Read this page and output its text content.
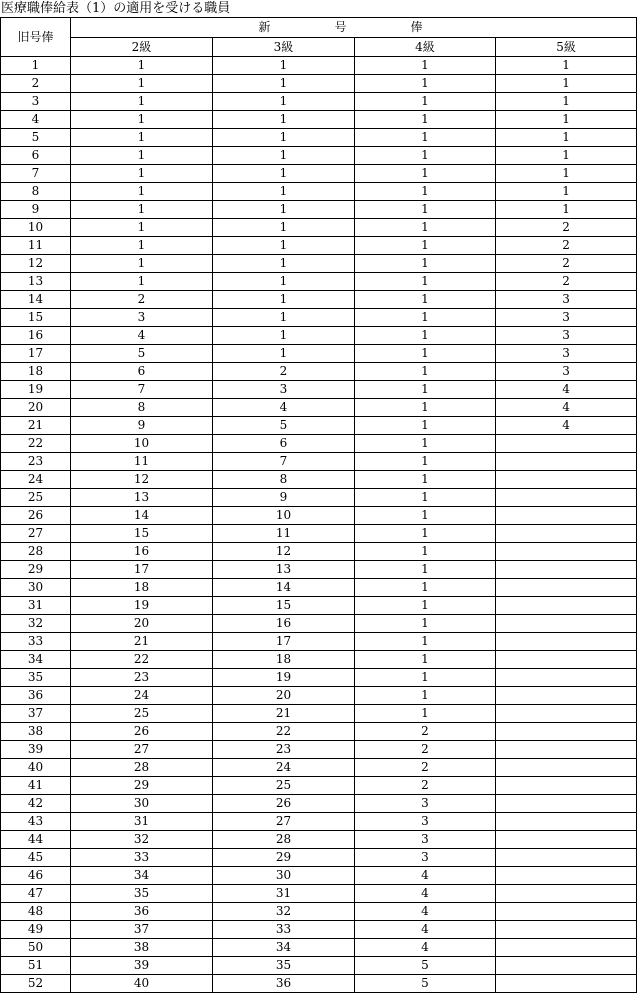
医療職俸給表（1）の適用を受ける職員
旧号俸	新　号　俸			
	2級	3級	4級	5級
1	1	1	1	1
2	1	1	1	1
3	1	1	1	1
4	1	1	1	1
5	1	1	1	1
6	1	1	1	1
7	1	1	1	1
8	1	1	1	1
9	1	1	1	1
10	1	1	1	2
11	1	1	1	2
12	1	1	1	2
13	1	1	1	2
14	2	1	1	3
15	3	1	1	3
16	4	1	1	3
17	5	1	1	3
18	6	2	1	3
19	7	3	1	4
20	8	4	1	4
21	9	5	1	4
22	10	6	1	
23	11	7	1	
24	12	8	1	
25	13	9	1	
26	14	10	1	
27	15	11	1	
28	16	12	1	
29	17	13	1	
30	18	14	1	
31	19	15	1	
32	20	16	1	
33	21	17	1	
34	22	18	1	
35	23	19	1	
36	24	20	1	
37	25	21	1	
38	26	22	2	
39	27	23	2	
40	28	24	2	
41	29	25	2	
42	30	26	3	
43	31	27	3	
44	32	28	3	
45	33	29	3	
46	34	30	4	
47	35	31	4	
48	36	32	4	
49	37	33	4	
50	38	34	4	
51	39	35	5	
52	40	36	5	
